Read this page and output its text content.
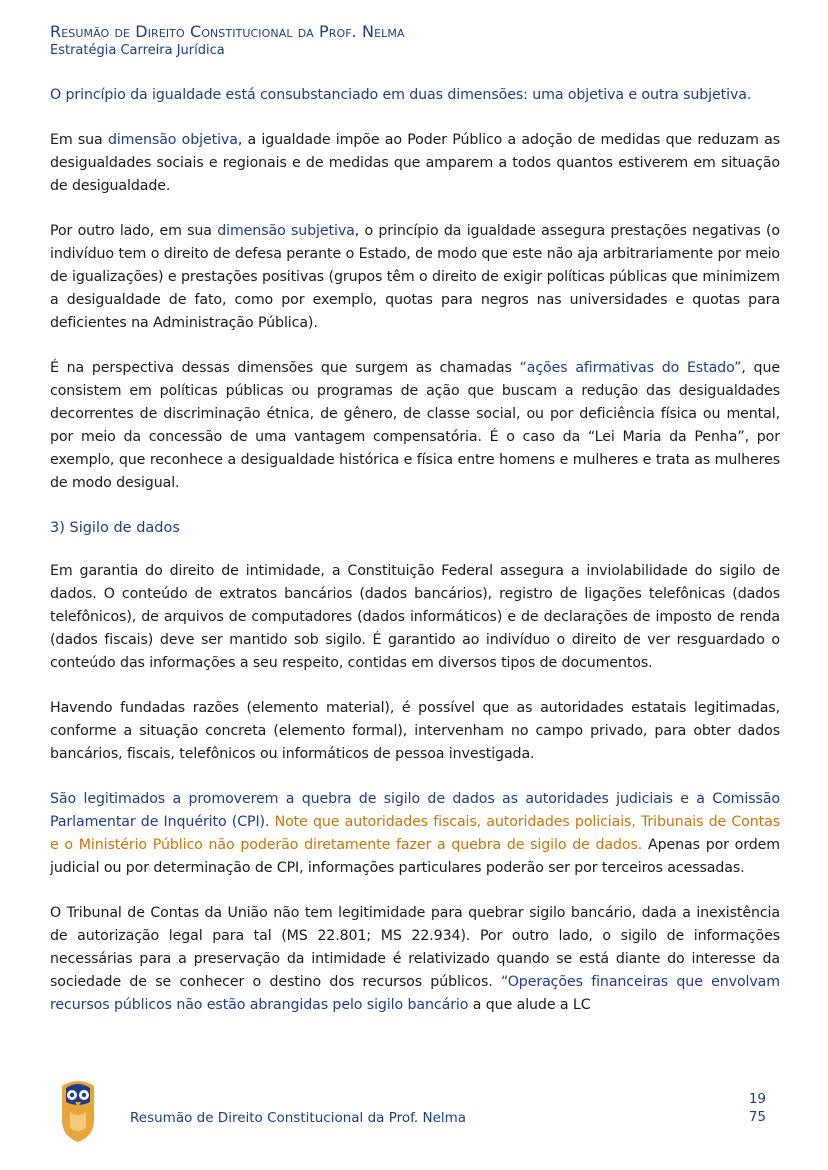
Resumão de Direito Constitucional da Prof. Nelma
Estratégia Carreira Jurídica

O princípio da igualdade está consubstanciado em duas dimensões: uma objetiva e outra subjetiva.

Em sua dimensão objetiva, a igualdade impõe ao Poder Público a adoção de medidas que reduzam as desigualdades sociais e regionais e de medidas que amparem a todos quantos estiverem em situação de desigualdade.

Por outro lado, em sua dimensão subjetiva, o princípio da igualdade assegura prestações negativas (o indivíduo tem o direito de defesa perante o Estado, de modo que este não aja arbitrariamente por meio de igualizações) e prestações positivas (grupos têm o direito de exigir políticas públicas que minimizem a desigualdade de fato, como por exemplo, quotas para negros nas universidades e quotas para deficientes na Administração Pública).

É na perspectiva dessas dimensões que surgem as chamadas “ações afirmativas do Estado”, que consistem em políticas públicas ou programas de ação que buscam a redução das desigualdades decorrentes de discriminação étnica, de gênero, de classe social, ou por deficiência física ou mental, por meio da concessão de uma vantagem compensatória. É o caso da “Lei Maria da Penha”, por exemplo, que reconhece a desigualdade histórica e física entre homens e mulheres e trata as mulheres de modo desigual.

3) Sigilo de dados

Em garantia do direito de intimidade, a Constituição Federal assegura a inviolabilidade do sigilo de dados. O conteúdo de extratos bancários (dados bancários), registro de ligações telefônicas (dados telefônicos), de arquivos de computadores (dados informáticos) e de declarações de imposto de renda (dados fiscais) deve ser mantido sob sigilo. É garantido ao indivíduo o direito de ver resguardado o conteúdo das informações a seu respeito, contidas em diversos tipos de documentos.

Havendo fundadas razões (elemento material), é possível que as autoridades estatais legitimadas, conforme a situação concreta (elemento formal), intervenham no campo privado, para obter dados bancários, fiscais, telefônicos ou informáticos de pessoa investigada.

São legitimados a promoverem a quebra de sigilo de dados as autoridades judiciais e a Comissão Parlamentar de Inquérito (CPI). Note que autoridades fiscais, autoridades policiais, Tribunais de Contas e o Ministério Público não poderão diretamente fazer a quebra de sigilo de dados. Apenas por ordem judicial ou por determinação de CPI, informações particulares poderão ser por terceiros acessadas.

O Tribunal de Contas da União não tem legitimidade para quebrar sigilo bancário, dada a inexistência de autorização legal para tal (MS 22.801; MS 22.934). Por outro lado, o sigilo de informações necessárias para a preservação da intimidade é relativizado quando se está diante do interesse da sociedade de se conhecer o destino dos recursos públicos. “Operações financeiras que envolvam recursos públicos não estão abrangidas pelo sigilo bancário a que alude a LC

Resumão de Direito Constitucional da Prof. Nelma
19
75
